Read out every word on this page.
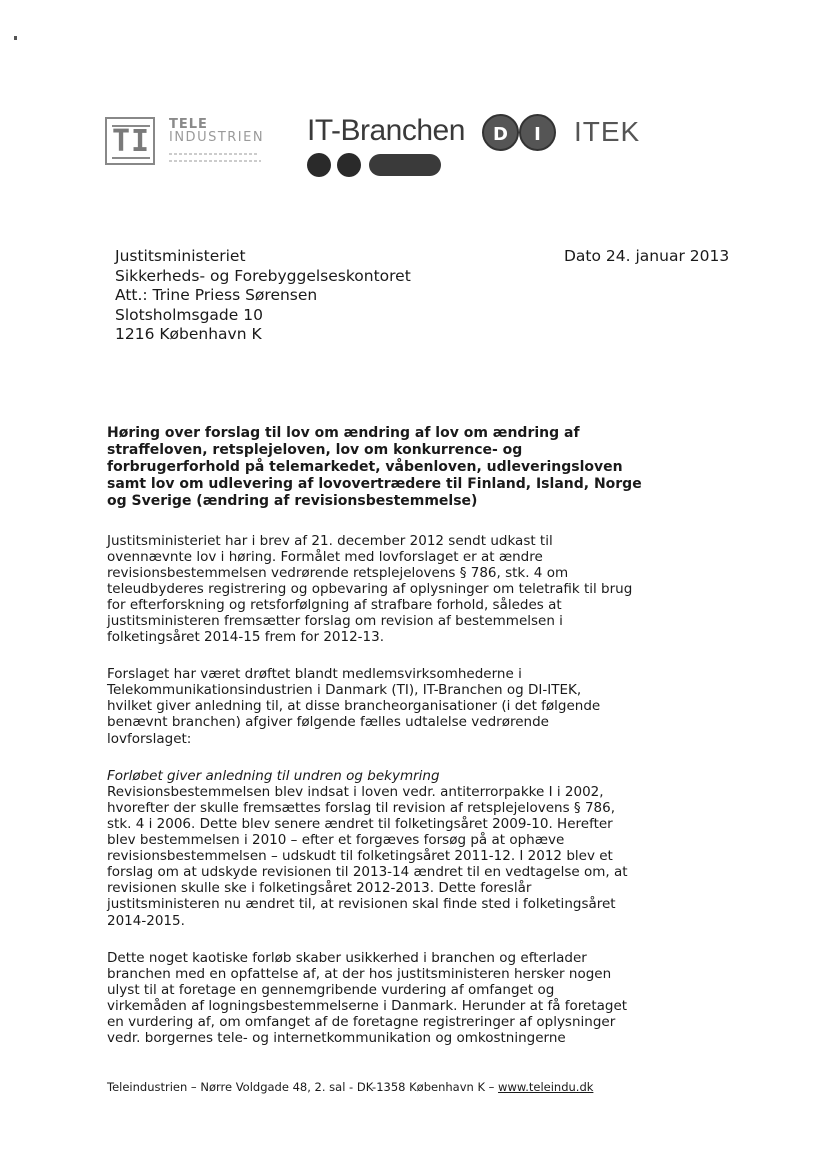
TI TELE
INDUSTRIEN IT-Branchen	D	I	ITEK
Justitsministeriet
Sikkerheds- og Forebyggelseskontoret
Att.: Trine Priess Sørensen
Slotsholmsgade 10
1216 København K
Dato 24. januar 2013
Høring over forslag til lov om ændring af lov om ændring af
straffeloven, retsplejeloven, lov om konkurrence- og
forbrugerforhold på telemarkedet, våbenloven, udleveringsloven
samt lov om udlevering af lovovertrædere til Finland, Island, Norge
og Sverige (ændring af revisionsbestemmelse)
Justitsministeriet har i brev af 21. december 2012 sendt udkast til
ovennævnte lov i høring. Formålet med lovforslaget er at ændre
revisionsbestemmelsen vedrørende retsplejelovens § 786, stk. 4 om
teleudbyderes registrering og opbevaring af oplysninger om teletrafik til brug
for efterforskning og retsforfølgning af strafbare forhold, således at
justitsministeren fremsætter forslag om revision af bestemmelsen i
folketingsåret 2014-15 frem for 2012-13.
Forslaget har været drøftet blandt medlemsvirksomhederne i
Telekommunikationsindustrien i Danmark (TI), IT-Branchen og DI-ITEK,
hvilket giver anledning til, at disse brancheorganisationer (i det følgende
benævnt branchen) afgiver følgende fælles udtalelse vedrørende
lovforslaget:
Forløbet giver anledning til undren og bekymring
Revisionsbestemmelsen blev indsat i loven vedr. antiterrorpakke I i 2002,
hvorefter der skulle fremsættes forslag til revision af retsplejelovens § 786,
stk. 4 i 2006. Dette blev senere ændret til folketingsåret 2009-10. Herefter
blev bestemmelsen i 2010 – efter et forgæves forsøg på at ophæve
revisionsbestemmelsen – udskudt til folketingsåret 2011-12. I 2012 blev et
forslag om at udskyde revisionen til 2013-14 ændret til en vedtagelse om, at
revisionen skulle ske i folketingsåret 2012-2013. Dette foreslår
justitsministeren nu ændret til, at revisionen skal finde sted i folketingsåret
2014-2015.
Dette noget kaotiske forløb skaber usikkerhed i branchen og efterlader
branchen med en opfattelse af, at der hos justitsministeren hersker nogen
ulyst til at foretage en gennemgribende vurdering af omfanget og
virkemåden af logningsbestemmelserne i Danmark. Herunder at få foretaget
en vurdering af, om omfanget af de foretagne registreringer af oplysninger
vedr. borgernes tele- og internetkommunikation og omkostningerne
Teleindustrien – Nørre Voldgade 48, 2. sal - DK-1358 København K – www.teleindu.dk
